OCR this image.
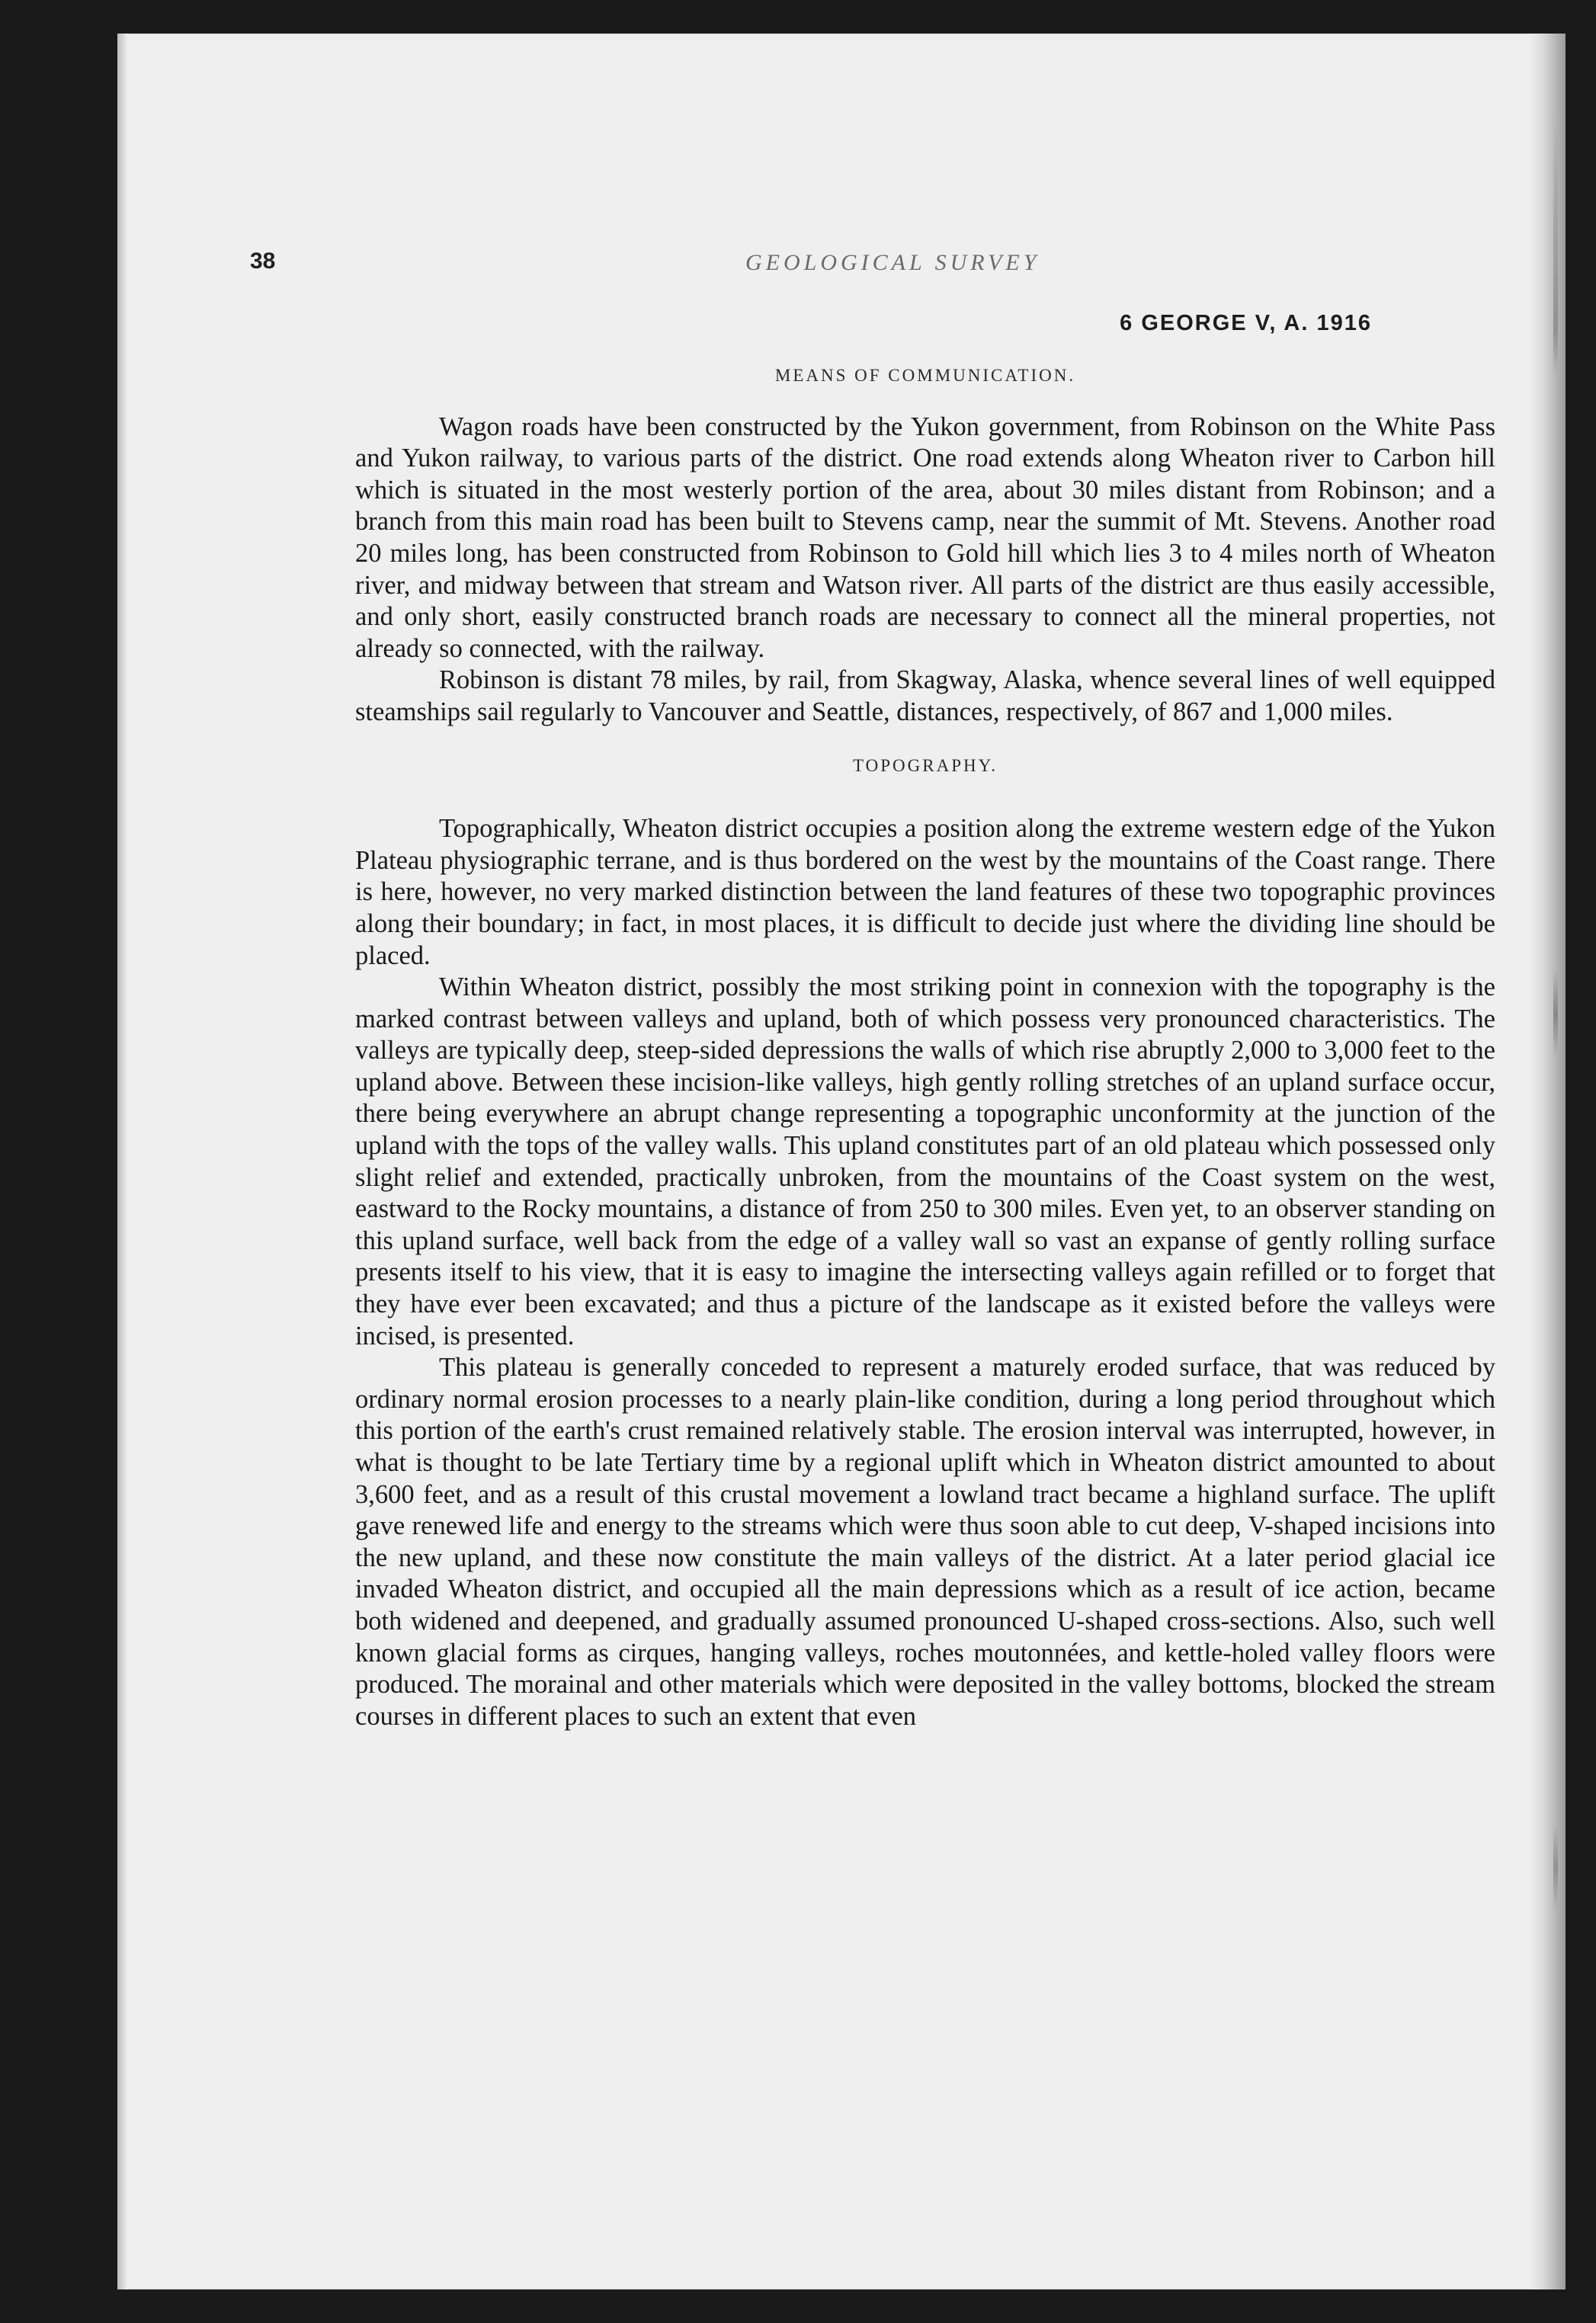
38	GEOLOGICAL SURVEY
6 GEORGE V, A. 1916
MEANS OF COMMUNICATION.

Wagon roads have been constructed by the Yukon government, from Robinson on the White Pass and Yukon railway, to various parts of the district. One road extends along Wheaton river to Carbon hill which is situated in the most westerly portion of the area, about 30 miles distant from Robinson; and a branch from this main road has been built to Stevens camp, near the summit of Mt. Stevens. Another road 20 miles long, has been constructed from Robinson to Gold hill which lies 3 to 4 miles north of Wheaton river, and midway between that stream and Watson river. All parts of the district are thus easily accessible, and only short, easily constructed branch roads are necessary to connect all the mineral properties, not already so connected, with the railway.

Robinson is distant 78 miles, by rail, from Skagway, Alaska, whence several lines of well equipped steamships sail regularly to Vancouver and Seattle, distances, respectively, of 867 and 1,000 miles.

TOPOGRAPHY.

Topographically, Wheaton district occupies a position along the extreme western edge of the Yukon Plateau physiographic terrane, and is thus bordered on the west by the mountains of the Coast range. There is here, however, no very marked distinction between the land features of these two topographic provinces along their boundary; in fact, in most places, it is difficult to decide just where the dividing line should be placed.

Within Wheaton district, possibly the most striking point in connexion with the topography is the marked contrast between valleys and upland, both of which possess very pronounced characteristics. The valleys are typically deep, steep-sided depressions the walls of which rise abruptly 2,000 to 3,000 feet to the upland above. Between these incision-like valleys, high gently rolling stretches of an upland surface occur, there being everywhere an abrupt change representing a topographic unconformity at the junction of the upland with the tops of the valley walls. This upland constitutes part of an old plateau which possessed only slight relief and extended, practically unbroken, from the mountains of the Coast system on the west, eastward to the Rocky mountains, a distance of from 250 to 300 miles. Even yet, to an observer standing on this upland surface, well back from the edge of a valley wall so vast an expanse of gently rolling surface presents itself to his view, that it is easy to imagine the intersecting valleys again refilled or to forget that they have ever been excavated; and thus a picture of the landscape as it existed before the valleys were incised, is presented.

This plateau is generally conceded to represent a maturely eroded surface, that was reduced by ordinary normal erosion processes to a nearly plain-like condition, during a long period throughout which this portion of the earth's crust remained relatively stable. The erosion interval was interrupted, however, in what is thought to be late Tertiary time by a regional uplift which in Wheaton district amounted to about 3,600 feet, and as a result of this crustal movement a lowland tract became a highland surface. The uplift gave renewed life and energy to the streams which were thus soon able to cut deep, V-shaped incisions into the new upland, and these now constitute the main valleys of the district. At a later period glacial ice invaded Wheaton district, and occupied all the main depressions which as a result of ice action, became both widened and deepened, and gradually assumed pronounced U-shaped cross-sections. Also, such well known glacial forms as cirques, hanging valleys, roches moutonnées, and kettle-holed valley floors were produced. The morainal and other materials which were deposited in the valley bottoms, blocked the stream courses in different places to such an extent that even
